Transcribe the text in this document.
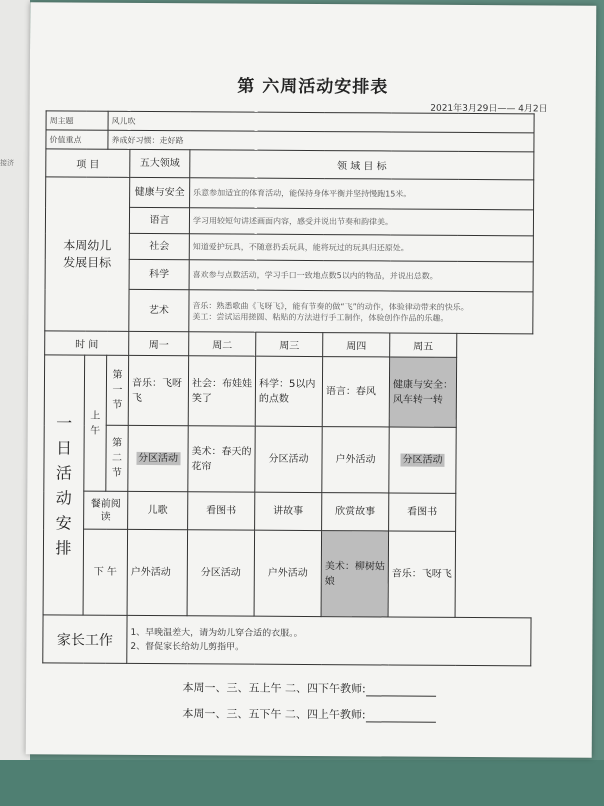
接济
第 六周活动安排表
2021年3月29日—— 4月2日
周主题		风儿吹					
价值重点		养成好习惯：走好路					
项 目			五大领域	领 域 目 标			
本周幼儿发展目标			健康与安全	乐意参加适宜的体育活动，能保持身体平衡并坚持慢跑15米。			
			语言	学习用较短句讲述画面内容，感受并说出节奏和韵律美。			
			社会	知道爱护玩具，不随意扔丢玩具，能将玩过的玩具归还原处。			
			科学	喜欢参与点数活动，学习手口一致地点数5以内的物品，并说出总数。			
			艺术	音乐：熟悉歌曲《飞呀飞》，能有节奏的做“飞”的动作，体验律动带来的快乐。
美工：尝试运用搓圆、粘贴的方法进行手工制作，体验创作作品的乐趣。			

时 间			周一	周二	周三	周四	周五
一日活动安排	上午	第一节	音乐：飞呀飞	社会：布娃娃笑了	科学：5以内的点数	语言：春风	健康与安全：风车转一转
		第二节	分区活动	美术：春天的花帘	分区活动	户外活动	分区活动
	餐前阅读		儿歌	看图书	讲故事	欣赏故事	看图书
	下 午		户外活动	分区活动	户外活动	美术：柳树姑娘	音乐：飞呀飞
家长工作			1、早晚温差大，请为幼儿穿合适的衣服。。
2、督促家长给幼儿剪指甲。				
本周一、三、五上午 二、四下午教师:
本周一、三、五下午 二、四上午教师:
